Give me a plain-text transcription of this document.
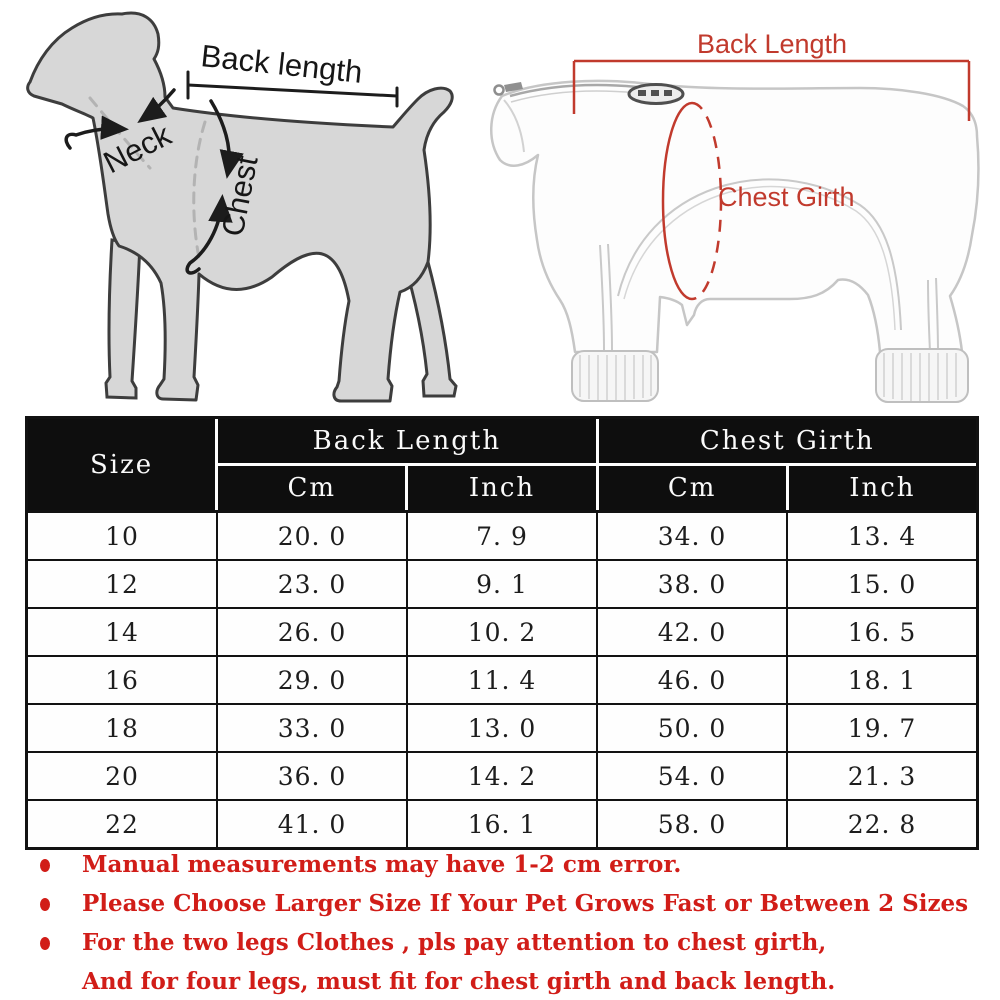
Back length
Neck
Chest
Back Length
Chest Girth
Size
Back Length	Chest Girth
Cm	Inch	Cm	Inch
10	20. 0	7. 9	34. 0	13. 4
12	23. 0	9. 1	38. 0	15. 0
14	26. 0	10. 2	42. 0	16. 5
16	29. 0	11. 4	46. 0	18. 1
18	33. 0	13. 0	50. 0	19. 7
20	36. 0	14. 2	54. 0	21. 3
22	41. 0	16. 1	58. 0	22. 8
Manual measurements may have 1-2 cm error.
Please Choose Larger Size If Your Pet Grows Fast or Between 2 Sizes
For the two legs Clothes , pls pay attention to chest girth,
And for four legs, must fit for chest girth and back length.
